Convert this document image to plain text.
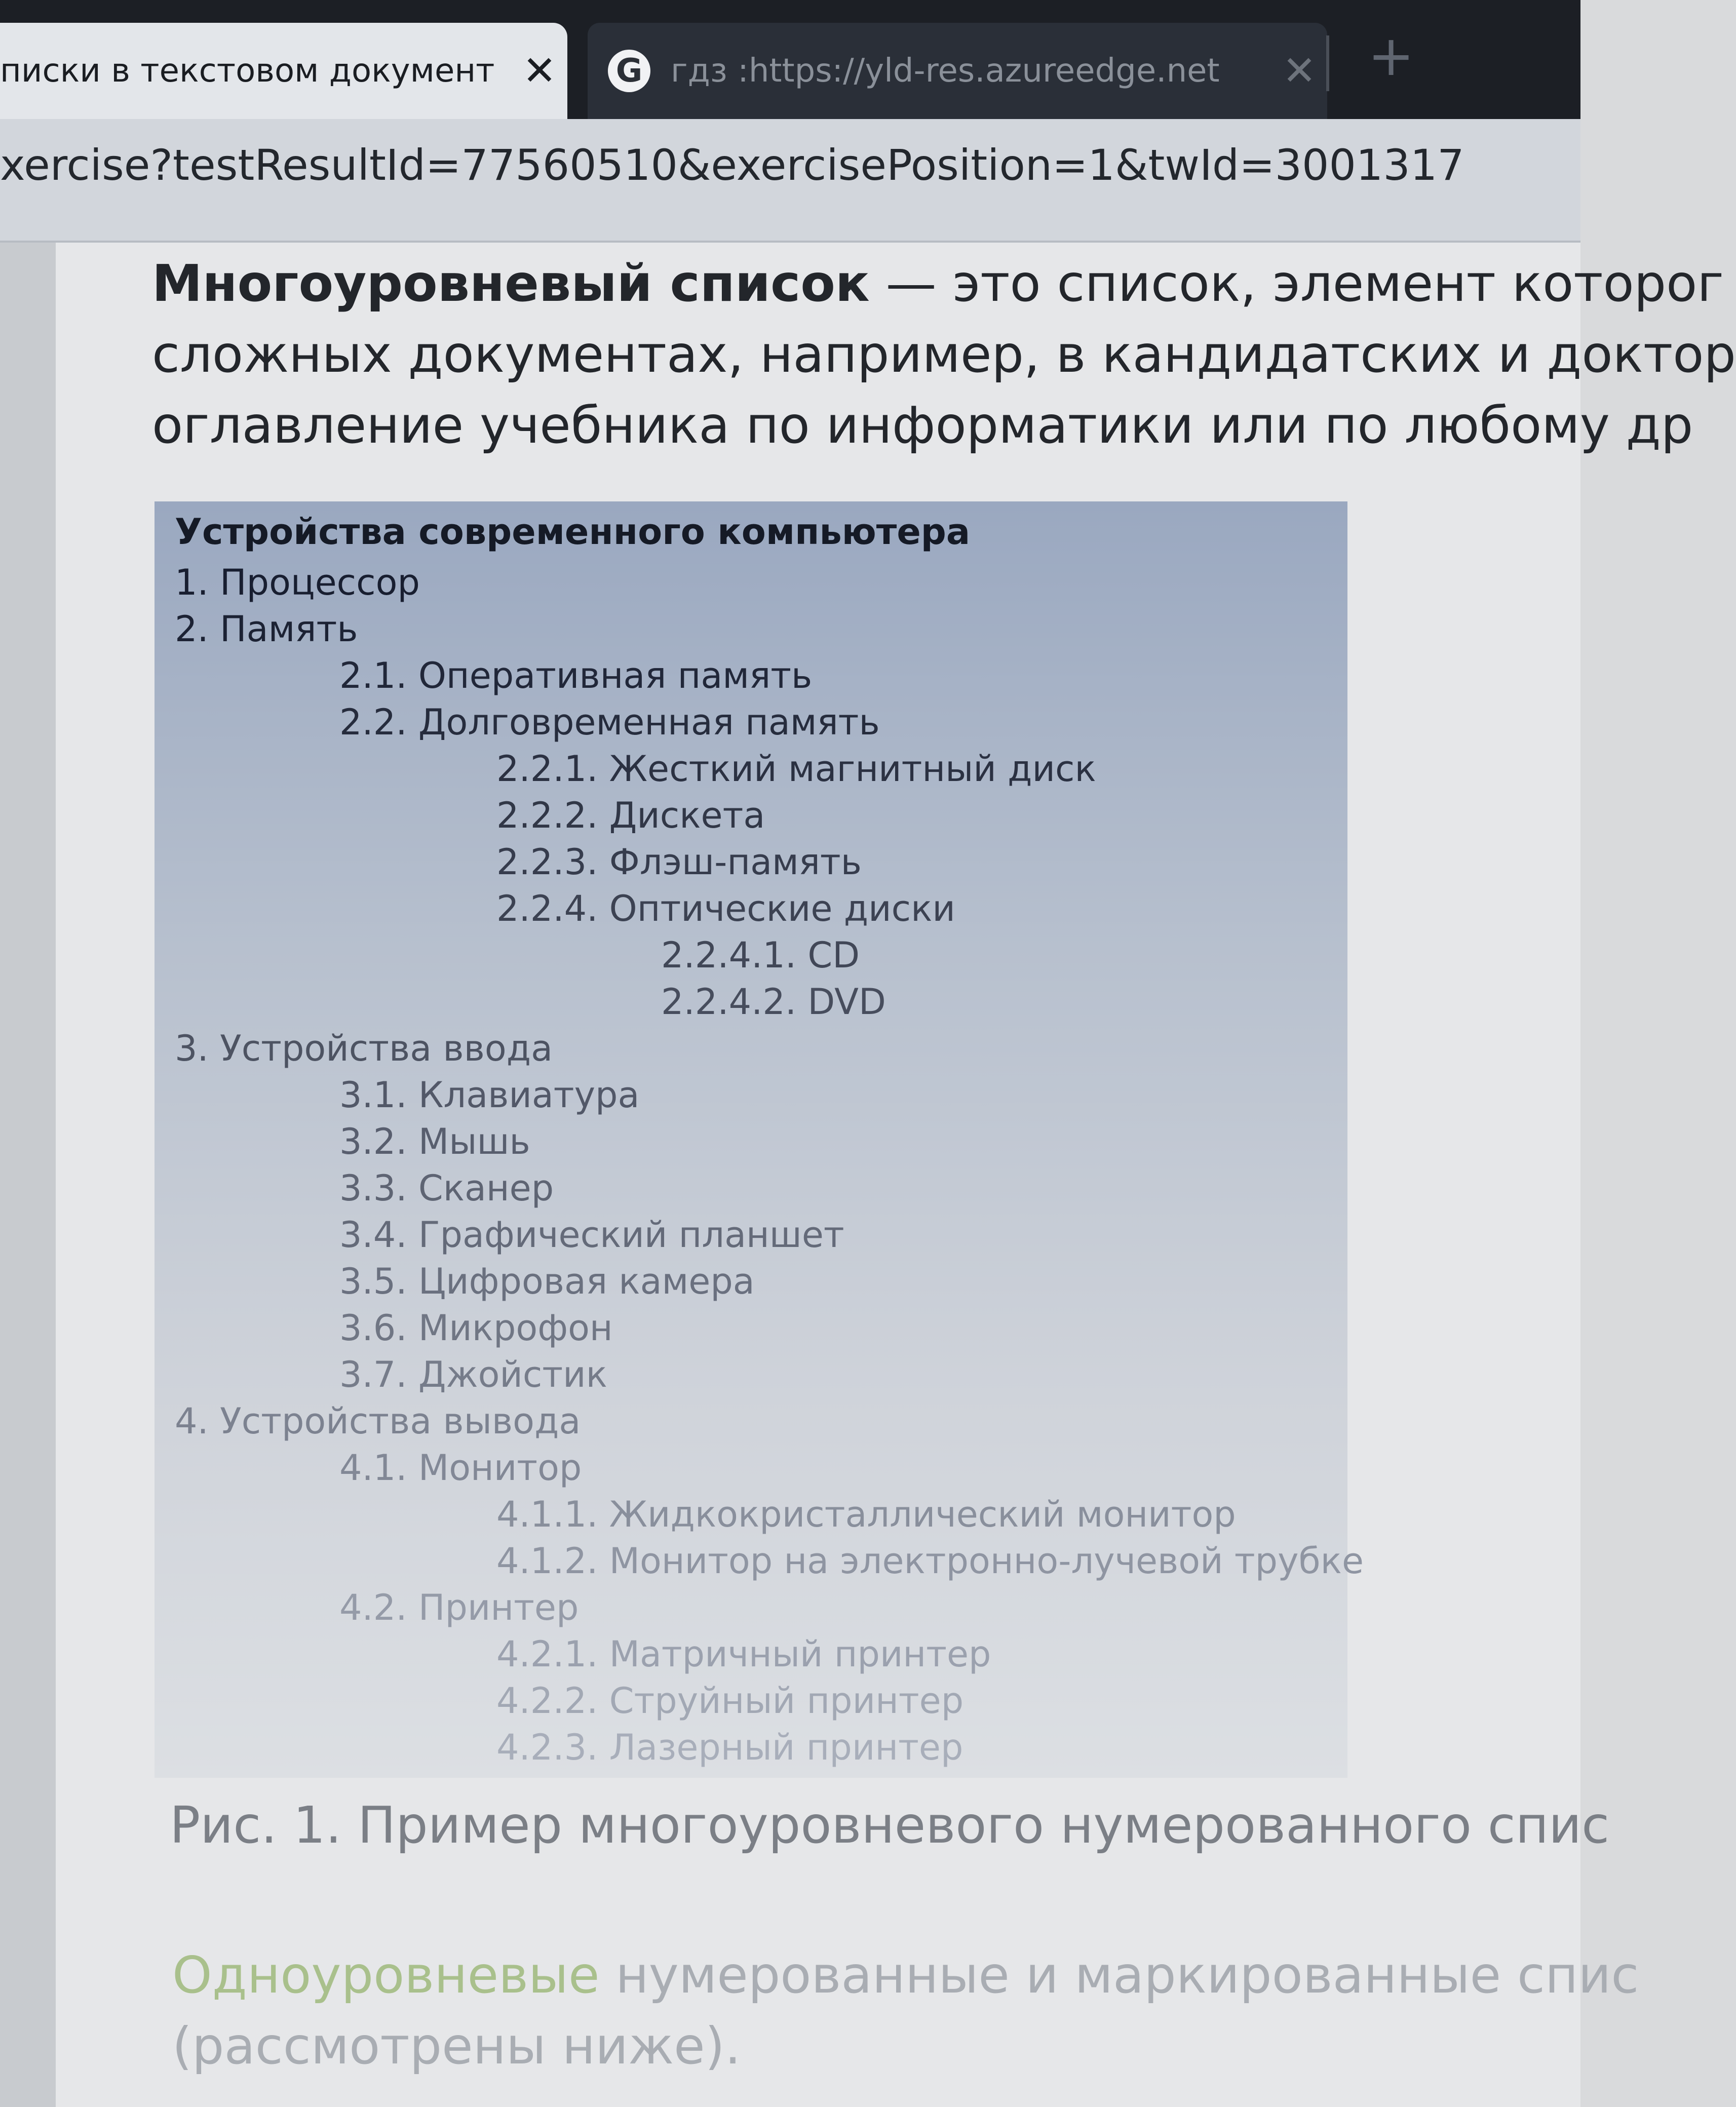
писки в текстовом документ ✕	G гдз :https://yld-res.azureedge.net	✕ +
xercise?testResultId=77560510&exercisePosition=1&twId=3001317
Многоуровневый список — это список, элемент которог
сложных документах, например, в кандидатских и доктор
оглавление учебника по информатики или по любому др
Устройства современного компьютера
1. Процессор
2. Память
2.1. Оперативная память
2.2. Долговременная память
2.2.1. Жесткий магнитный диск
2.2.2. Дискета
2.2.3. Флэш-память
2.2.4. Оптические диски
2.2.4.1. CD
2.2.4.2. DVD
3. Устройства ввода
3.1. Клавиатура
3.2. Мышь
3.3. Сканер
3.4. Графический планшет
3.5. Цифровая камера
3.6. Микрофон
3.7. Джойстик
4. Устройства вывода
4.1. Монитор
4.1.1. Жидкокристаллический монитор
4.1.2. Монитор на электронно-лучевой трубке
4.2. Принтер
4.2.1. Матричный принтер
4.2.2. Струйный принтер
4.2.3. Лазерный принтер
Рис. 1. Пример многоуровневого нумерованного спис
Одноуровневые нумерованные и маркированные спис
(рассмотрены ниже).
